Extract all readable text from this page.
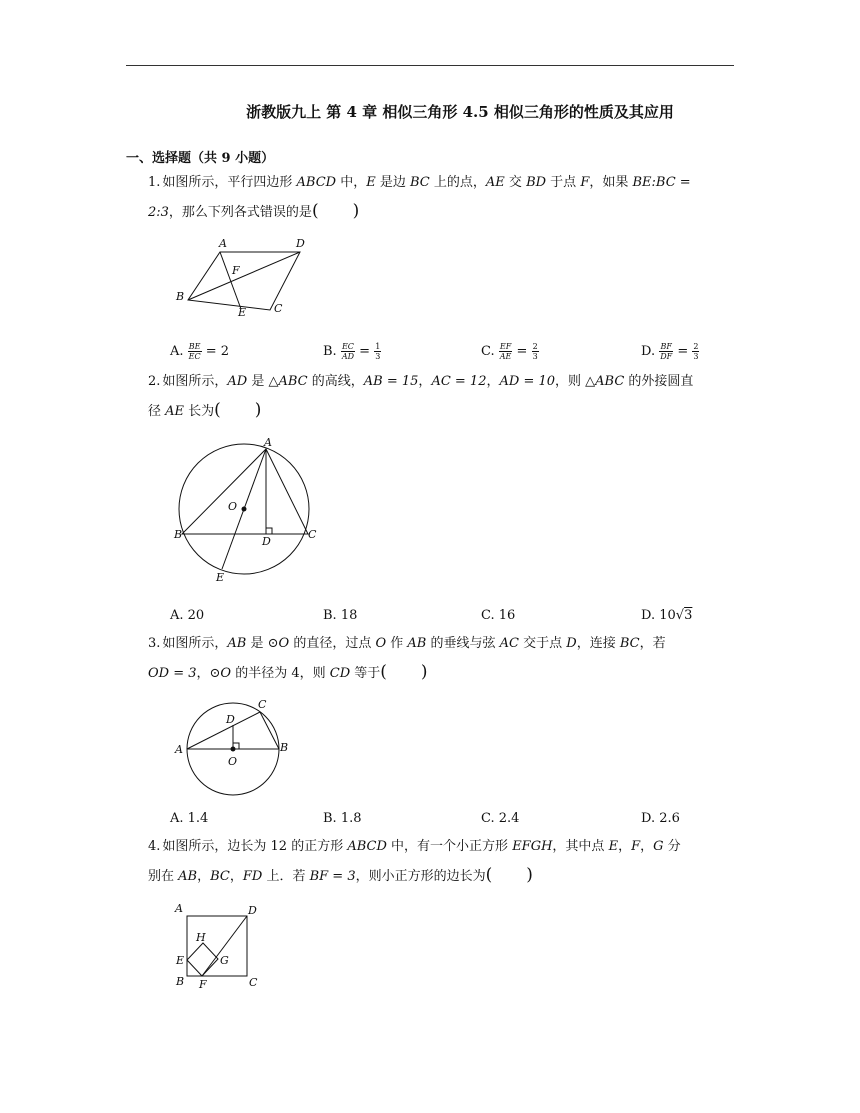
浙教版九上 第 4 章 相似三角形 4.5 相似三角形的性质及其应用
一、选择题（共 9 小题）
1. 如图所示，平行四边形 ABCD 中，E 是边 BC 上的点，AE 交 BD 于点 F，如果 BE:BC =
2:3，那么下列各式错误的是(　　)
A	D
F
B
E	C
A. $\frac{BE}{EC} = 2$	B. $\frac{EC}{AD} = \frac{1}{3}$	C. $\frac{EF}{AE} = \frac{2}{3}$	D. $\frac{BF}{DF} = \frac{2}{3}$
2. 如图所示，AD 是 △ABC 的高线，AB = 15，AC = 12，AD = 10，则 △ABC 的外接圆直
径 AE 长为(　　)
A
O
B
D
C
E
A. 20	B. 18	C. 16	D. 10√3
3. 如图所示，AB 是 ⊙O 的直径，过点 O 作 AB 的垂线与弦 AC 交于点 D，连接 BC，若
OD = 3，⊙O 的半径为 4，则 CD 等于(　　)
C
D
A	B
O
A. 1.4	B. 1.8	C. 2.4	D. 2.6
4. 如图所示，边长为 12 的正方形 ABCD 中，有一个小正方形 EFGH，其中点 E，F，G 分
别在 AB，BC，FD 上．若 BF = 3，则小正方形的边长为(　　)
A	D
H
E	G
B F	C
